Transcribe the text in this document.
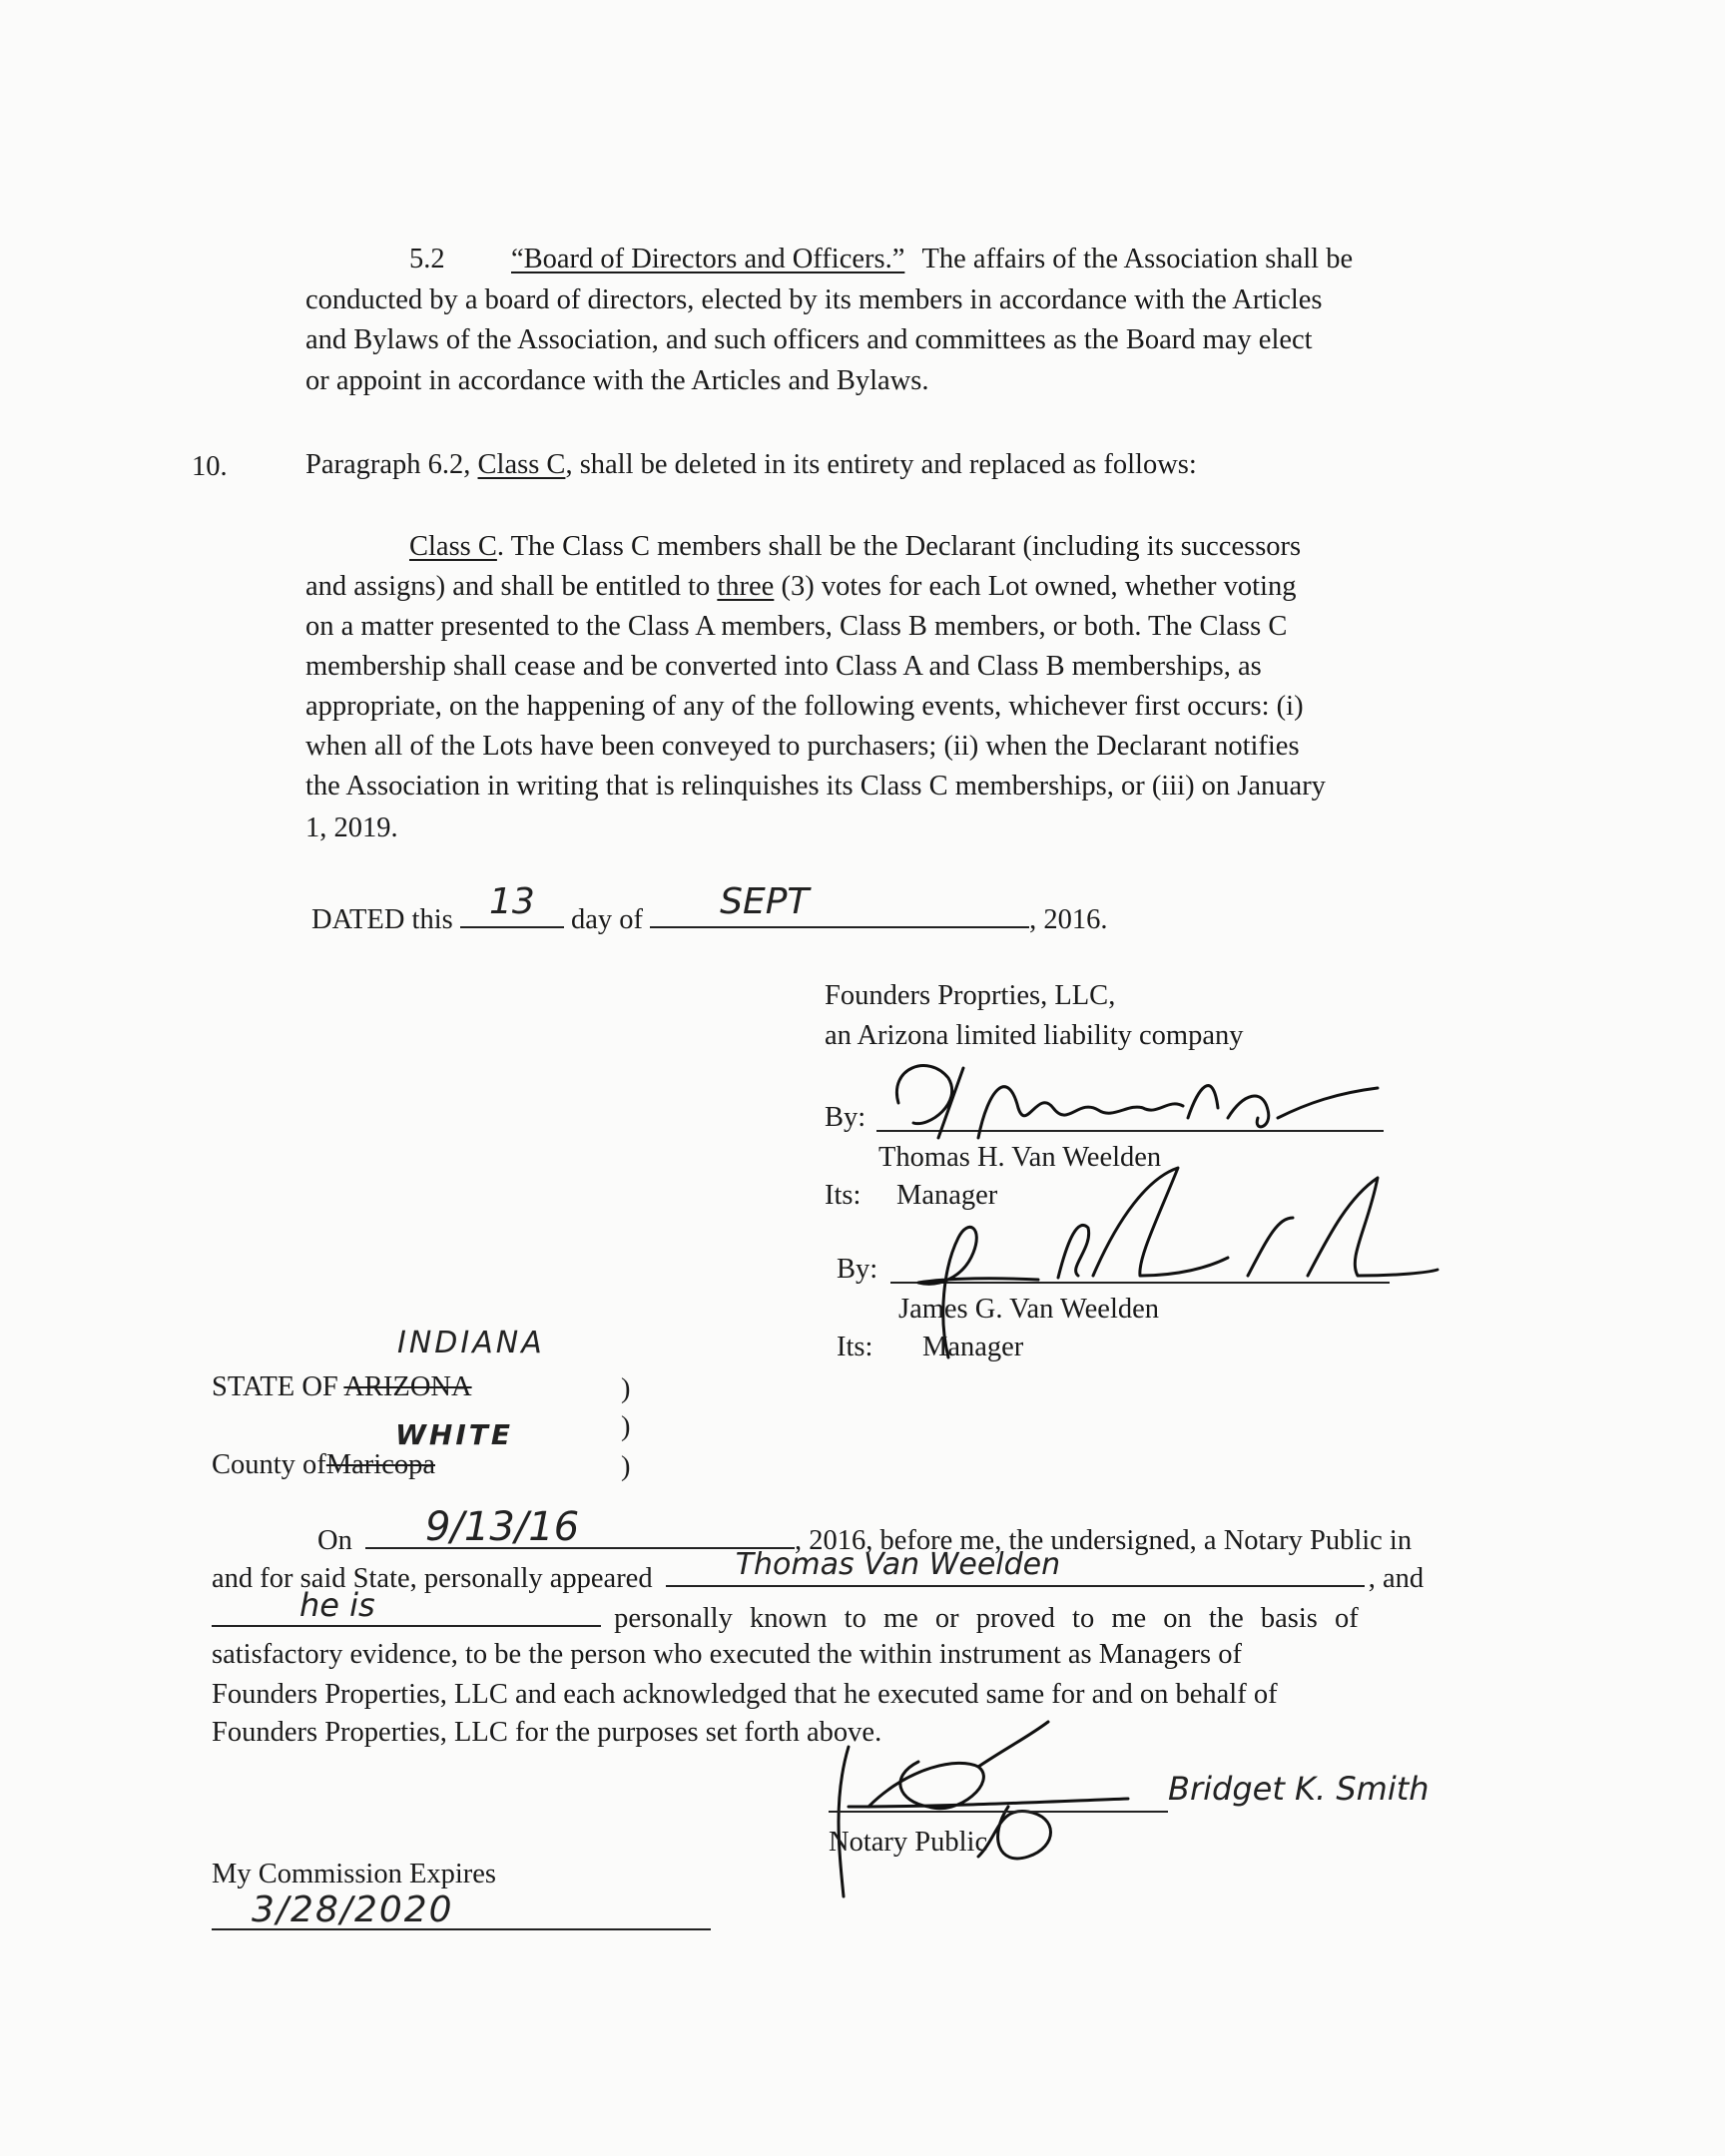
5.2 “Board of Directors and Officers.” The affairs of the Association shall be
conducted by a board of directors, elected by its members in accordance with the Articles
and Bylaws of the Association, and such officers and committees as the Board may elect
or appoint in accordance with the Articles and Bylaws.
10.	Paragraph 6.2, Class C, shall be deleted in its entirety and replaced as follows:
Class C. The Class C members shall be the Declarant (including its successors
and assigns) and shall be entitled to three (3) votes for each Lot owned, whether voting
on a matter presented to the Class A members, Class B members, or both. The Class C
membership shall cease and be converted into Class A and Class B memberships, as
appropriate, on the happening of any of the following events, whichever first occurs: (i)
when all of the Lots have been conveyed to purchasers; (ii) when the Declarant notifies
the Association in writing that is relinquishes its Class C memberships, or (iii) on January
1, 2019.
DATED this	13	day of SEPT	, 2016.
Founders Proprties, LLC,
an Arizona limited liability company
By:
Thomas H. Van Weelden
Its: Manager
By:
James G. Van Weelden
Its: Manager
INDIANA
STATE OF ARIZONA	)
)
WHITE
County ofMaricopa	)
On 9/13/16	, 2016, before me, the undersigned, a Notary Public in
and for said State, personally appeared	Thomas Van Weelden	, and
he is	personally known to me or proved to me on the basis of
satisfactory evidence, to be the person who executed the within instrument as Managers of
Founders Properties, LLC and each acknowledged that he executed same for and on behalf of
Founders Properties, LLC for the purposes set forth above.
Bridget K. Smith
Notary Public
My Commission Expires
3/28/2020
